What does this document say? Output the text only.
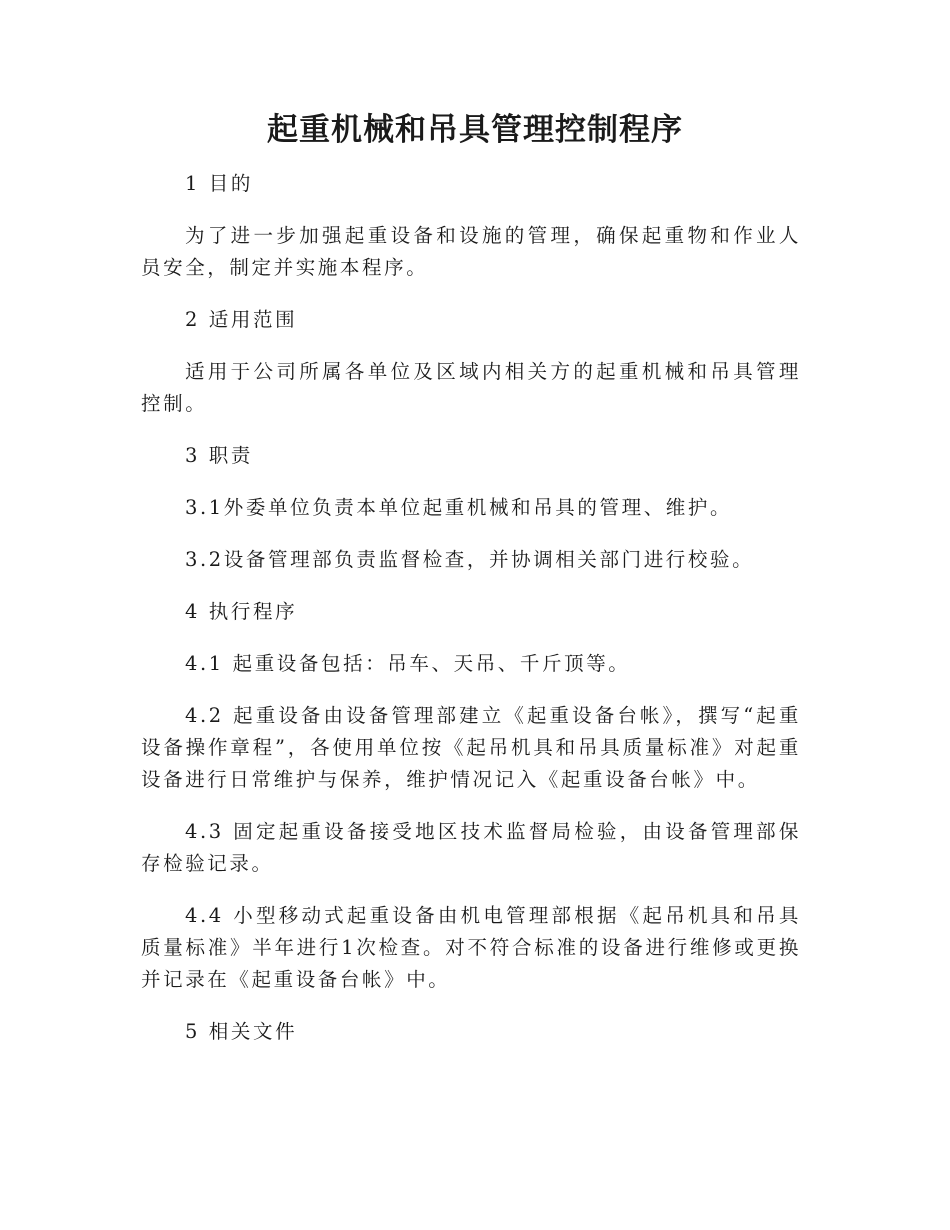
起重机械和吊具管理控制程序

1 目的

为了进一步加强起重设备和设施的管理，确保起重物和作业人员安全，制定并实施本程序。

2 适用范围

适用于公司所属各单位及区域内相关方的起重机械和吊具管理控制。

3 职责

3.1外委单位负责本单位起重机械和吊具的管理、维护。

3.2设备管理部负责监督检查，并协调相关部门进行校验。

4 执行程序

4.1 起重设备包括：吊车、天吊、千斤顶等。

4.2 起重设备由设备管理部建立《起重设备台帐》，撰写“起重设备操作章程”，各使用单位按《起吊机具和吊具质量标准》对起重设备进行日常维护与保养，维护情况记入《起重设备台帐》中。

4.3 固定起重设备接受地区技术监督局检验，由设备管理部保存检验记录。

4.4 小型移动式起重设备由机电管理部根据《起吊机具和吊具质量标准》半年进行1次检查。对不符合标准的设备进行维修或更换并记录在《起重设备台帐》中。

5 相关文件
